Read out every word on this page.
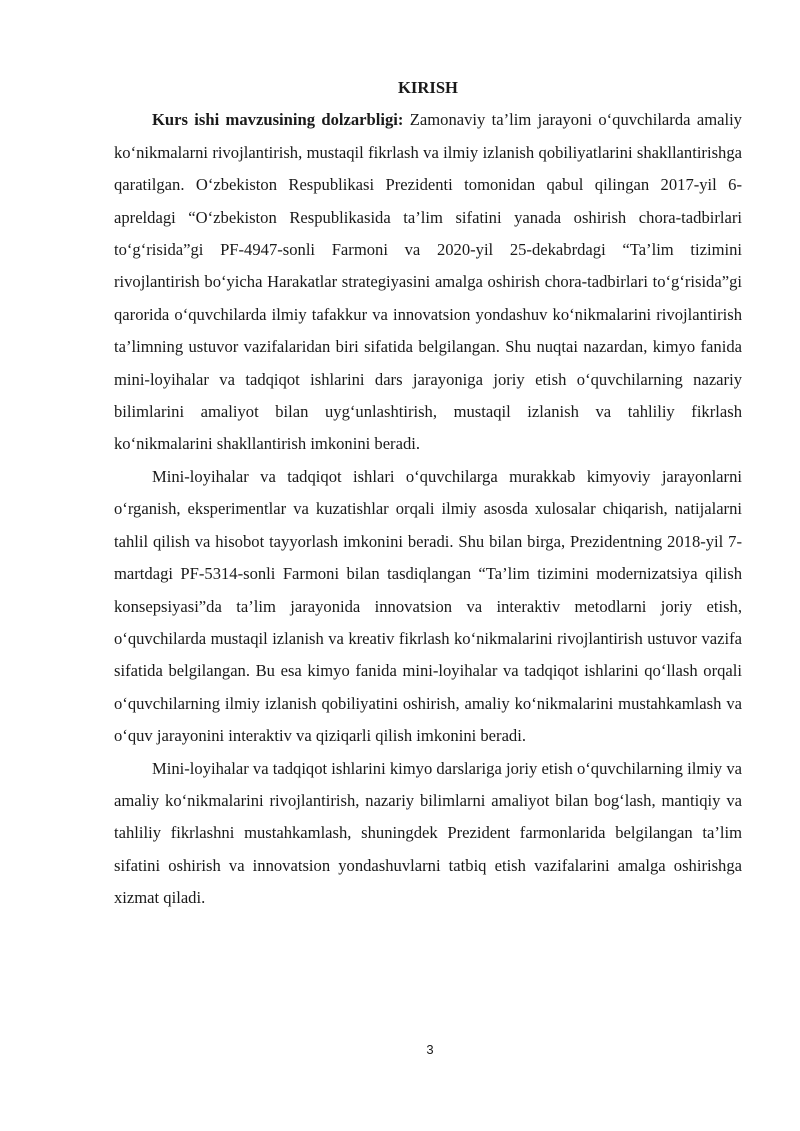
KIRISH

Kurs ishi mavzusining dolzarbligi: Zamonaviy ta’lim jarayoni o‘quvchilarda amaliy ko‘nikmalarni rivojlantirish, mustaqil fikrlash va ilmiy izlanish qobiliyatlarini shakllantirishga qaratilgan. O‘zbekiston Respublikasi Prezidenti tomonidan qabul qilingan 2017-yil 6-apreldagi “O‘zbekiston Respublikasida ta’lim sifatini yanada oshirish chora-tadbirlari to‘g‘risida”gi PF-4947-sonli Farmoni va 2020-yil 25-dekabrdagi “Ta’lim tizimini rivojlantirish bo‘yicha Harakatlar strategiyasini amalga oshirish chora-tadbirlari to‘g‘risida”gi qarorida o‘quvchilarda ilmiy tafakkur va innovatsion yondashuv ko‘nikmalarini rivojlantirish ta’limning ustuvor vazifalaridan biri sifatida belgilangan. Shu nuqtai nazardan, kimyo fanida mini-loyihalar va tadqiqot ishlarini dars jarayoniga joriy etish o‘quvchilarning nazariy bilimlarini amaliyot bilan uyg‘unlashtirish, mustaqil izlanish va tahliliy fikrlash ko‘nikmalarini shakllantirish imkonini beradi.

Mini-loyihalar va tadqiqot ishlari o‘quvchilarga murakkab kimyoviy jarayonlarni o‘rganish, eksperimentlar va kuzatishlar orqali ilmiy asosda xulosalar chiqarish, natijalarni tahlil qilish va hisobot tayyorlash imkonini beradi. Shu bilan birga, Prezidentning 2018-yil 7-martdagi PF-5314-sonli Farmoni bilan tasdiqlangan “Ta’lim tizimini modernizatsiya qilish konsepsiyasi”da ta’lim jarayonida innovatsion va interaktiv metodlarni joriy etish, o‘quvchilarda mustaqil izlanish va kreativ fikrlash ko‘nikmalarini rivojlantirish ustuvor vazifa sifatida belgilangan. Bu esa kimyo fanida mini-loyihalar va tadqiqot ishlarini qo‘llash orqali o‘quvchilarning ilmiy izlanish qobiliyatini oshirish, amaliy ko‘nikmalarini mustahkamlash va o‘quv jarayonini interaktiv va qiziqarli qilish imkonini beradi.

Mini-loyihalar va tadqiqot ishlarini kimyo darslariga joriy etish o‘quvchilarning ilmiy va amaliy ko‘nikmalarini rivojlantirish, nazariy bilimlarni amaliyot bilan bog‘lash, mantiqiy va tahliliy fikrlashni mustahkamlash, shuningdek Prezident farmonlarida belgilangan ta’lim sifatini oshirish va innovatsion yondashuvlarni tatbiq etish vazifalarini amalga oshirishga xizmat qiladi.

3
